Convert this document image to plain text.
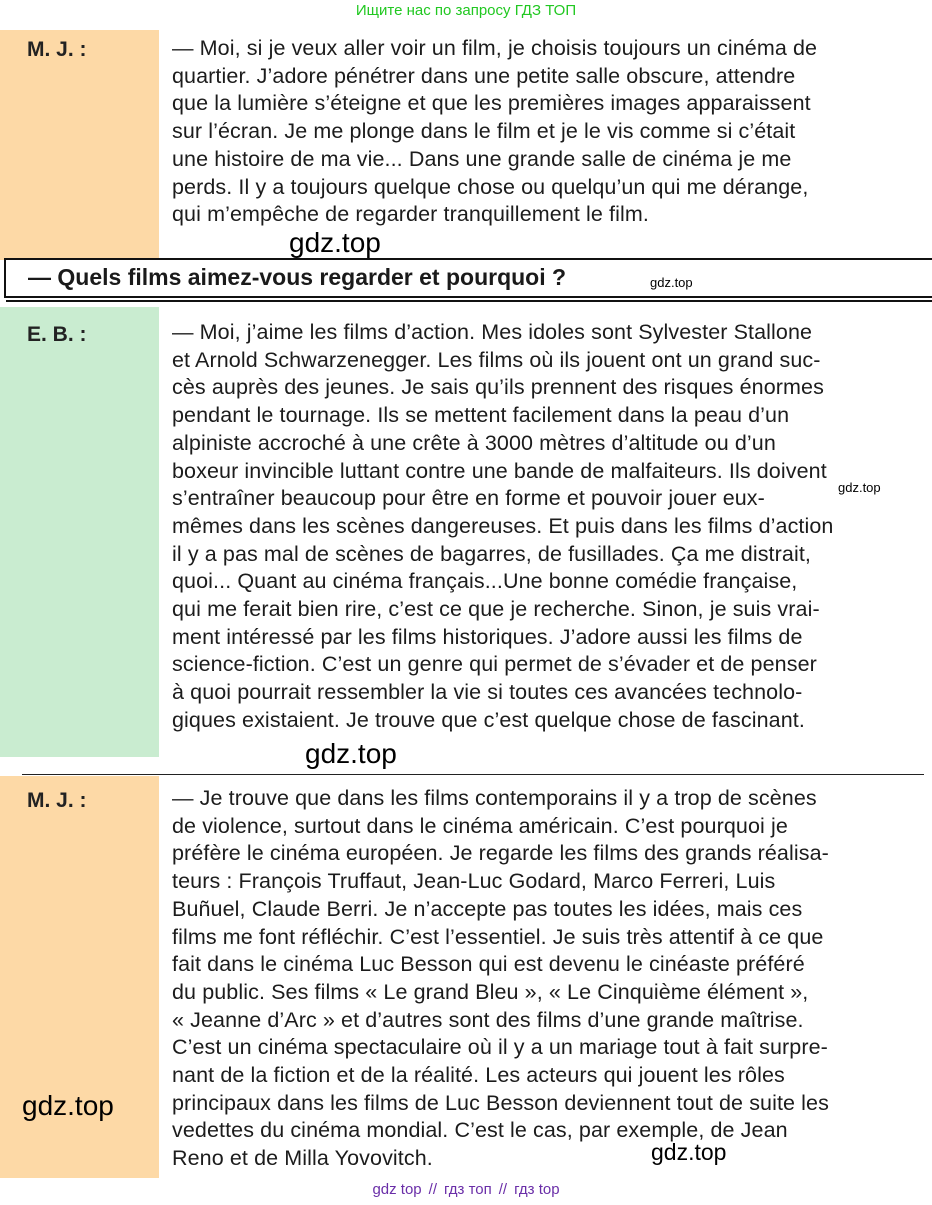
Ищите нас по запросу ГДЗ ТОП
M. J. :	— Moi, si je veux aller voir un film, je choisis toujours un cinéma de
quartier. J’adore pénétrer dans une petite salle obscure, attendre
que la lumière s’éteigne et que les premières images apparaissent
sur l’écran. Je me plonge dans le film et je le vis comme si c’était
une histoire de ma vie... Dans une grande salle de cinéma je me
perds. Il y a toujours quelque chose ou quelqu’un qui me dérange,
qui m’empêche de regarder tranquillement le film.
gdz.top
— Quels films aimez-vous regarder et pourquoi ?	gdz.top
E. B. :	— Moi, j’aime les films d’action. Mes idoles sont Sylvester Stallone
et Arnold Schwarzenegger. Les films où ils jouent ont un grand suc-
cès auprès des jeunes. Je sais qu’ils prennent des risques énormes
pendant le tournage. Ils se mettent facilement dans la peau d’un
alpiniste accroché à une crête à 3000 mètres d’altitude ou d’un
boxeur invincible luttant contre une bande de malfaiteurs. Ils doivent
s’entraîner beaucoup pour être en forme et pouvoir jouer eux-
mêmes dans les scènes dangereuses. Et puis dans les films d’action
il y a pas mal de scènes de bagarres, de fusillades. Ça me distrait,
quoi... Quant au cinéma français...Une bonne comédie française,
qui me ferait bien rire, c’est ce que je recherche. Sinon, je suis vrai-
ment intéressé par les films historiques. J’adore aussi les films de
science-fiction. C’est un genre qui permet de s’évader et de penser
à quoi pourrait ressembler la vie si toutes ces avancées technolo-
giques existaient. Je trouve que c’est quelque chose de fascinant.
gdz.top
gdz.top
M. J. :	— Je trouve que dans les films contemporains il y a trop de scènes
de violence, surtout dans le cinéma américain. C’est pourquoi je
préfère le cinéma européen. Je regarde les films des grands réalisa-
teurs : François Truffaut, Jean-Luc Godard, Marco Ferreri, Luis
Buñuel, Claude Berri. Je n’accepte pas toutes les idées, mais ces
films me font réfléchir. C’est l’essentiel. Je suis très attentif à ce que
fait dans le cinéma Luc Besson qui est devenu le cinéaste préféré
du public. Ses films « Le grand Bleu », « Le Cinquième élément »,
« Jeanne d’Arc » et d’autres sont des films d’une grande maîtrise.
C’est un cinéma spectaculaire où il y a un mariage tout à fait surpre-
nant de la fiction et de la réalité. Les acteurs qui jouent les rôles
principaux dans les films de Luc Besson deviennent tout de suite les
vedettes du cinéma mondial. C’est le cas, par exemple, de Jean
Reno et de Milla Yovovitch.
gdz.top
gdz.top
gdz top // гдз топ // гдз top
